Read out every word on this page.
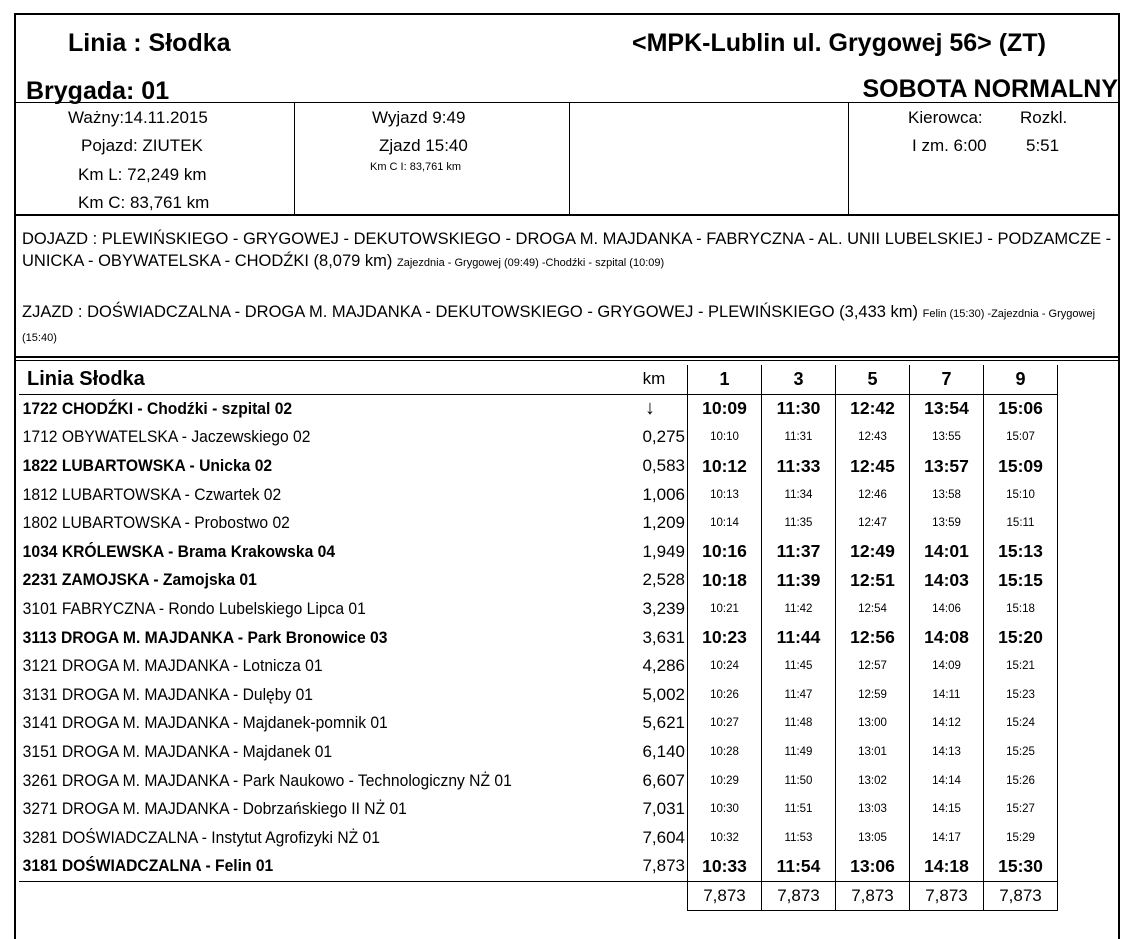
Linia : Słodka	<MPK-Lublin ul. Grygowej 56> (ZT)
Brygada: 01	SOBOTA NORMALNY
Ważny:14.11.2015
Pojazd: ZIUTEK
Km L: 72,249 km
Km C: 83,761 km
Wyjazd 9:49
Zjazd 15:40
Km C I: 83,761 km
Kierowca: Rozkl.
I zm. 6:00 5:51
DOJAZD : PLEWIŃSKIEGO - GRYGOWEJ - DEKUTOWSKIEGO - DROGA M. MAJDANKA - FABRYCZNA - AL. UNII LUBELSKIEJ - PODZAMCZE - UNICKA - OBYWATELSKA - CHODŹKI (8,079 km) Zajezdnia - Grygowej (09:49) -Chodźki - szpital (10:09)
ZJAZD : DOŚWIADCZALNA - DROGA M. MAJDANKA - DEKUTOWSKIEGO - GRYGOWEJ - PLEWIŃSKIEGO (3,433 km) Felin (15:30) -Zajezdnia - Grygowej (15:40)
Linia Słodka	km	1	3	5	7	9
1722 CHODŹKI - Chodźki - szpital 02	↓	10:09	11:30	12:42	13:54	15:06
1712 OBYWATELSKA - Jaczewskiego 02	0,275	10:10	11:31	12:43	13:55	15:07
1822 LUBARTOWSKA - Unicka 02	0,583	10:12	11:33	12:45	13:57	15:09
1812 LUBARTOWSKA - Czwartek 02	1,006	10:13	11:34	12:46	13:58	15:10
1802 LUBARTOWSKA - Probostwo 02	1,209	10:14	11:35	12:47	13:59	15:11
1034 KRÓLEWSKA - Brama Krakowska 04	1,949	10:16	11:37	12:49	14:01	15:13
2231 ZAMOJSKA - Zamojska 01	2,528	10:18	11:39	12:51	14:03	15:15
3101 FABRYCZNA - Rondo Lubelskiego Lipca 01	3,239	10:21	11:42	12:54	14:06	15:18
3113 DROGA M. MAJDANKA - Park Bronowice 03	3,631	10:23	11:44	12:56	14:08	15:20
3121 DROGA M. MAJDANKA - Lotnicza 01	4,286	10:24	11:45	12:57	14:09	15:21
3131 DROGA M. MAJDANKA - Dulęby 01	5,002	10:26	11:47	12:59	14:11	15:23
3141 DROGA M. MAJDANKA - Majdanek-pomnik 01	5,621	10:27	11:48	13:00	14:12	15:24
3151 DROGA M. MAJDANKA - Majdanek 01	6,140	10:28	11:49	13:01	14:13	15:25
3261 DROGA M. MAJDANKA - Park Naukowo - Technologiczny NŻ 01	6,607	10:29	11:50	13:02	14:14	15:26
3271 DROGA M. MAJDANKA - Dobrzańskiego II NŻ 01	7,031	10:30	11:51	13:03	14:15	15:27
3281 DOŚWIADCZALNA - Instytut Agrofizyki NŻ 01	7,604	10:32	11:53	13:05	14:17	15:29
3181 DOŚWIADCZALNA - Felin 01	7,873	10:33	11:54	13:06	14:18	15:30
		7,873	7,873	7,873	7,873	7,873
